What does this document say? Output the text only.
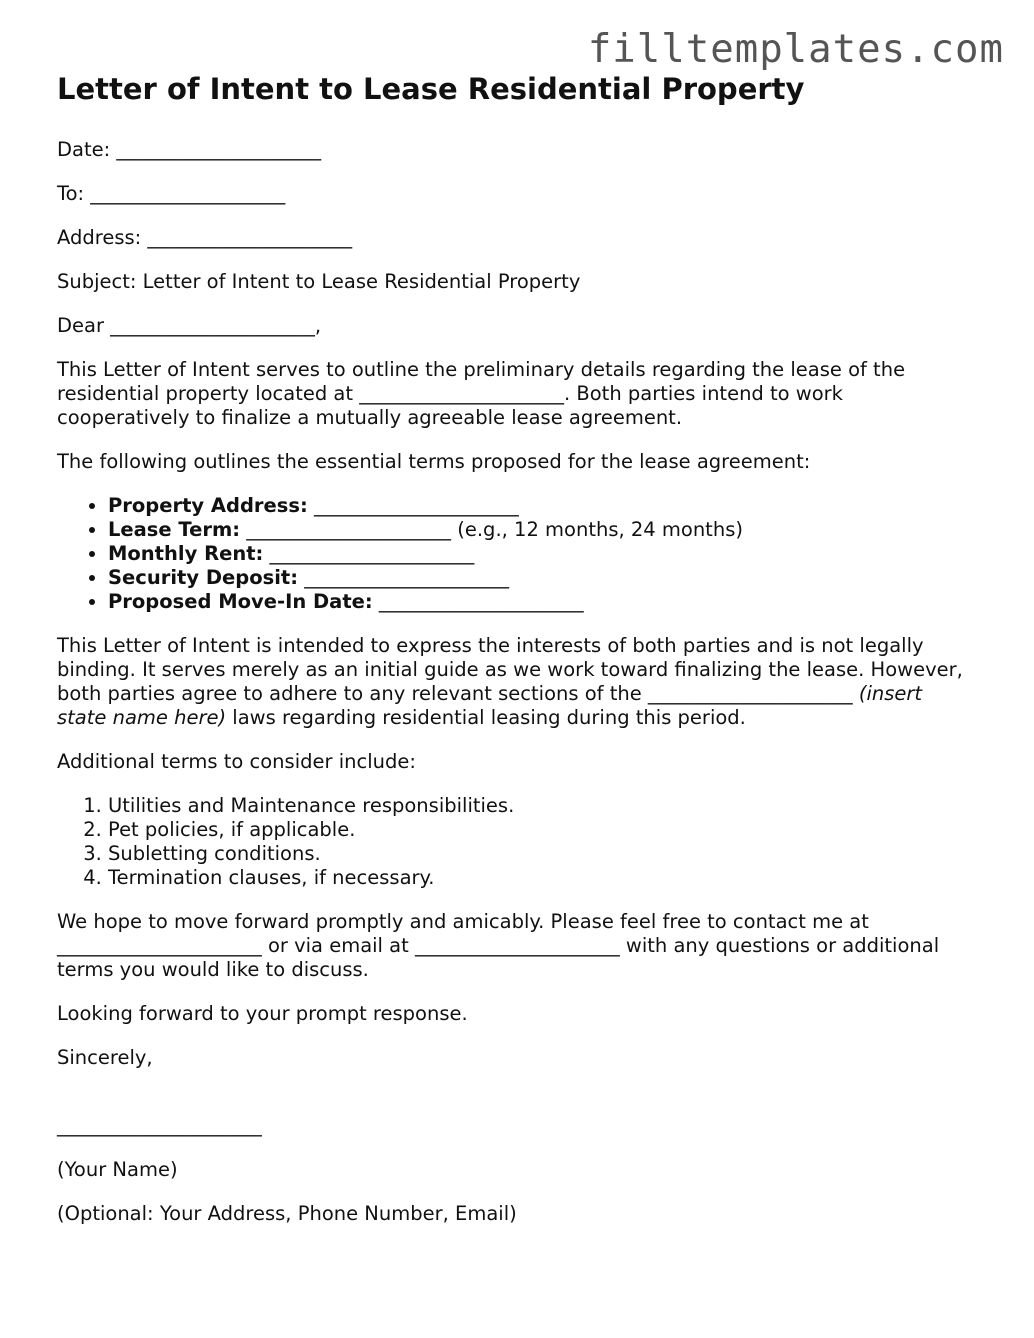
filltemplates.com
Letter of Intent to Lease Residential Property

Date: _____________________

To: ____________________

Address: _____________________

Subject: Letter of Intent to Lease Residential Property

Dear _____________________,

This Letter of Intent serves to outline the preliminary details regarding the lease of the residential property located at _____________________. Both parties intend to work cooperatively to finalize a mutually agreeable lease agreement.

The following outlines the essential terms proposed for the lease agreement:

• Property Address: _____________________
• Lease Term: _____________________ (e.g., 12 months, 24 months)
• Monthly Rent: _____________________
• Security Deposit: _____________________
• Proposed Move-In Date: _____________________

This Letter of Intent is intended to express the interests of both parties and is not legally binding. It serves merely as an initial guide as we work toward finalizing the lease. However, both parties agree to adhere to any relevant sections of the _____________________ (insert state name here) laws regarding residential leasing during this period.

Additional terms to consider include:

1. Utilities and Maintenance responsibilities.
2. Pet policies, if applicable.
3. Subletting conditions.
4. Termination clauses, if necessary.

We hope to move forward promptly and amicably. Please feel free to contact me at _____________________ or via email at _____________________ with any questions or additional terms you would like to discuss.

Looking forward to your prompt response.

Sincerely,

_____________________

(Your Name)

(Optional: Your Address, Phone Number, Email)
